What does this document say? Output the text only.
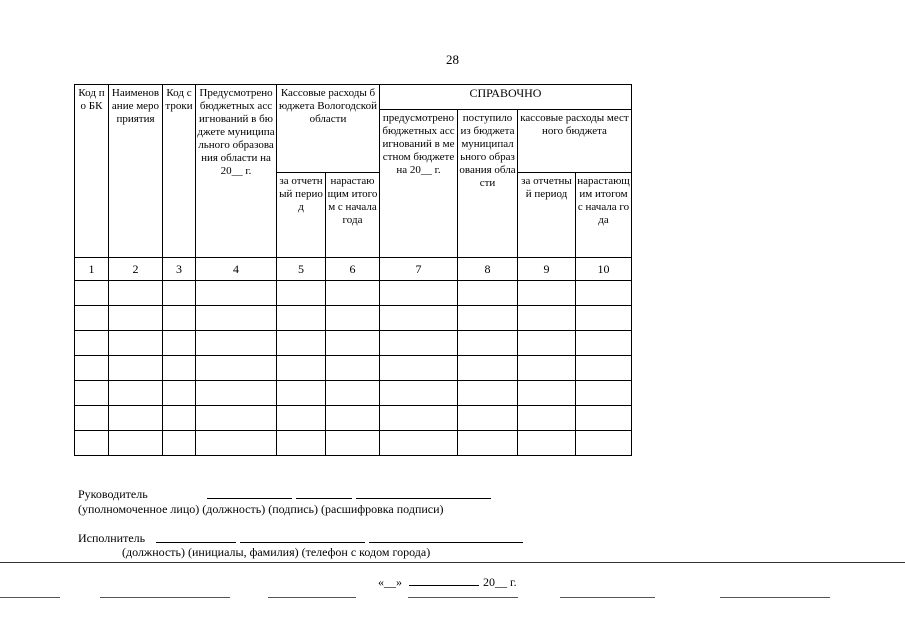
28
Код по БК	Наименование мероприятия	Код строки	Предусмотрено бюджетных ассигнований в бюджете муниципального образования области на 20__ г.	Кассовые расходы бюджета Вологодской области		СПРАВОЧНО			
						предусмотрено бюджетных ассигнований в местном бюджете на 20__ г.	поступило из бюджета муниципального образования области	кассовые расходы местного бюджета	
				за отчетный период	нарастающим итогом с начала года			за отчетный период	нарастающим итогом с начала года
1	2	3	4	5	6	7	8	9	10

Руководитель
(уполномоченное лицо) (должность) (подпись) (расшифровка подписи)
Исполнитель
(должность) (инициалы, фамилия) (телефон с кодом города)
«__»	20__ г.
